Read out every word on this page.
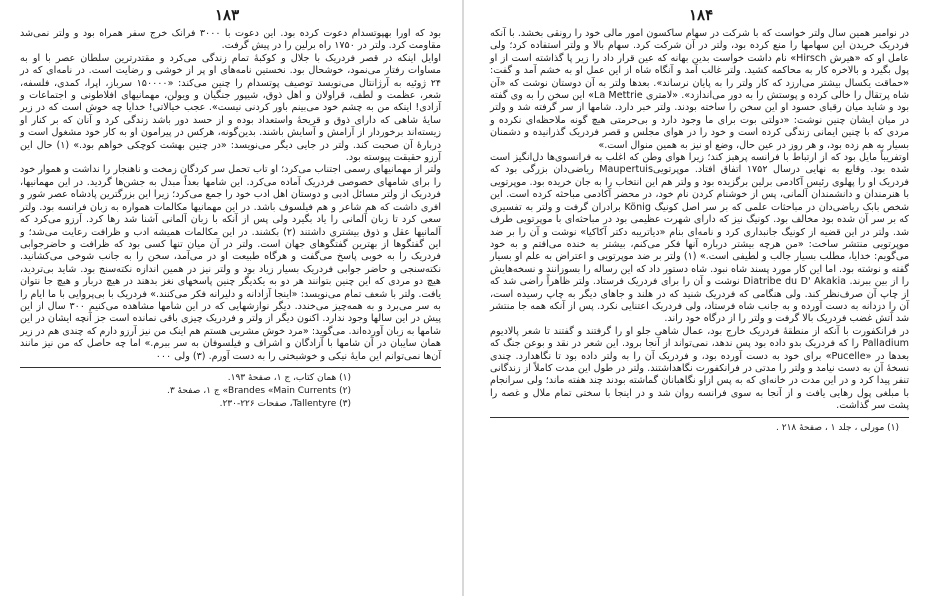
۱۸۳

بود که اورا بهپوتسدام دعوت کرده بود. این دعوت با ۳۰۰۰ فرانک خرج سفر همراه بود و ولتر نمی‌شد مقاومت کرد. ولتر در ۱۷۵۰ راه برلین را در پیش گرفت.

اوایل اینکه در قصر فردریک با جلال و کوکبهٔ تمام زندگی می‌کرد و مقتدرترین سلطان عصر با او به مساوات رفتار می‌نمود، خوشحال بود. نخستین نامه‌های او پر از خوشی و رضایت است. در نامه‌ای که در ۲۴ ژوئیه به آرژانتال می‌نویسد توصیف پوتسدام را چنین می‌کند: «۱۵۰۰۰۰ سرباز، اپرا، کمدی، فلسفه، شعر، عظمت و لطف، قراولان و اهل ذوق، شیپور جنگیان و ویولن، مهمانیهای افلاطونی و اجتماعات و آزادی! اینکه من به چشم خود می‌بینم باور کردنی نیست». عجب خیالاتی! خدایا چه خوش است که در زیر سایهٔ شاهی که دارای ذوق و قریحهٔ واستعداد بوده و از حسد دور باشد زندگی کرد و آنان که بر کنار او زیسته‌اند برخوردار از آرامش و آسایش باشند. بدین‌گونه، هرکس در پیرامون او به کار خود مشغول است و دربارهٔ آن صحبت کند. ولتر در جایی دیگر می‌نویسد: «در چنین بهشت کوچکی خواهم بود.» (۱) حال این آرزو حقیقت پیوسته بود.

ولتر از مهمانیهای رسمی اجتناب می‌کرد؛ او تاب تحمل سر کردگان زمخت و ناهنجار را نداشت و هموار خود را برای شامهای خصوصی فردریک آماده می‌کرد. این شامها بعداً مبدل به جشن‌ها گردید. در این مهمانیها، فردریک از ولتر مسائل ادبی و دوستان اهل ادب خود را جمع می‌کرد؛ زیرا این بزرگترین پادشاه عصر شور و افری داشت که هم شاعر و هم فیلسوف باشد. در این مهمانیها مکالمات همواره به زبان فرانسه بود. ولتر سعی کرد تا زبان آلمانی را یاد بگیرد ولی پس از آنکه با زبان آلمانی آشنا شد رها کرد. آرزو می‌کرد که آلمانیها عقل و ذوق بیشتری داشتند (۲) بکشند. در این مکالمات همیشه ادب و ظرافت رعایت می‌شد؛ و این گفتگوها از بهترین گفتگوهای جهان است. ولتر در آن میان تنها کسی بود که ظرافت و حاضرجوابی فردریک را به خوبی پاسخ می‌گفت و هرگاه طبیعت او در می‌آمد، سخن را به جانب شوخی می‌کشانید. نکته‌سنجی و حاضر جوابی فردریک بسیار زیاد بود و ولتر نیز در همین اندازه نکته‌سنج بود. شاید بی‌تردید، هیچ دو مردی که این چنین بتوانند هر دو به یکدیگر چنین پاسخهای نغز بدهند در هیچ دربار و هیچ جا نتوان یافت. ولتر با شعف تمام می‌نویسد: «اینجا آزادانه و دلیرانه فکر می‌کنند.» فردریک با بی‌پروایی با ما ایام را به سر می‌برد و به همه‌چیز می‌خندد. دیگر نوازشهایی که در این شامها مشاهده می‌کنیم ۳۰۰ سال از این پیش در این سالها وجود ندارد. اکنون دیگر از ولتر و فردریک چیزی باقی نمانده است جز آنچه ایشان در این شامها به زبان آورده‌اند. می‌گوید: «مرد خوش مشربی هستم هم اینک من نیز آرزو دارم که چندی هم در زیر همان سایبان در آن شامها با آزادگان و اشراف و فیلسوفان به سر ببرم.» اما چه حاصل که من نیز مانند آن‌ها نمی‌توانم این مایهٔ نیکی و خوشبختی را به دست آورم. (۳) ولی ۰۰۰

(۱) همان کتاب، ج ۱، صفحهٔ ۱۹۳.
(۲) Brandes «Main Currents» ج ۱، صفحهٔ ۳.
(۳) Tallentyre، صفحات ۲۲۶-۲۳۰.
۱۸۴

در نوامبر همین سال ولتر خواست که با شرکت در سهام ساکسون امور مالی خود را رونقی بخشد. با آنکه فردریک خریدن این سهامها را منع کرده بود، ولتر در آن شرکت کرد. سهام بالا و ولتر استفاده کرد؛ ولی عامل او که «هیرش Hirsch» نام داشت خواست بدین بهانه که عین قرار داد را زیر پا گذاشته است از او پول بگیرد و بالاخره کار به محاکمه کشید. ولتر غالب آمد و آنگاه شاه از این عمل او به خشم آمد و گفت: «حماقت یکسال بیشتر می‌ارزد که کار ولتر را به پایان نرساند». بعدها ولتر به آن دوستان نوشت که «آن شاه پرتقال را خالی کرده و پوستش را به دور می‌اندازد». «لامتری La Mettrie» این سخن را به وی گفته بود و شاید میان رقبای حسود او این سخن را ساخته بودند. ولتر خبر دارد. شامها از سر گرفته شد و ولتر در میان ایشان چنین نوشت: «دولتی بوت برای ما وجود دارد و بی‌حرمتی هیچ گونه ملاحظه‌ای نکرده و مردی که با چنین ایمانی زندگی کرده است و خود را در هوای مجلس و قصر فردریک گذرانیده و دشمنان بسیار به هم زده بود، و هر روز در عین حال، وضع او نیز به همین منوال است.»

اوتفریباً مایل بود که از ارتباط با فرانسه پرهیز کند؛ زیرا هوای وطن که اغلب به فرانسوی‌ها دل‌انگیز است شده بود. وقایع به نهایی درسال ۱۷۵۲ اتفاق افتاد. موپرتوییMaupertuis ریاضی‌دان بزرگی بود که فردریک او را پهلوی رئیس آکادمی برلین برگزیده بود و ولتر هم این انتخاب را به جان خریده بود. موپرتویی با هنرمندان و دانشمندان آلمانی، پس از خوشنام کردن نام خود، در محضر آکادمی مباحثه کرده است. این شخص بابک ریاضی‌دان در مباحثات علمی که بر سر اصل کونیگ König برادران گرفت و ولتر به تفسیری که بر سر آن شده بود مخالف بود. کونیگ نیز که دارای شهرت عظیمی بود در مباحثه‌ای با موپرتویی طرف شد. ولتر در این قضیه از کونیگ جانبداری کرد و نامه‌ای بنام «دیاتریبه دکتر آکاکیا» نوشت و آن را بر ضد موپرتویی منتشر ساخت: «من هرچه بیشتر درباره آنها فکر می‌کنم، بیشتر به خنده می‌افتم و به خود می‌گویم: خدایا، مطلب بسیار جالب و لطیفی است.» (۱) ولتر بر ضد موپرتویی و اعتراض به علم او بسیار گفته و نوشته بود. اما این کار مورد پسند شاه نبود. شاه دستور داد که این رساله را بسوزانند و نسخه‌هایش را از بین ببرند. Diatribe du D' Akakia نوشت و آن را برای فردریک فرستاد. ولتر ظاهراً راضی شد که از چاپ آن صرف‌نظر کند. ولی هنگامی که فردریک شنید که در هلند و جاهای دیگر به چاپ رسیده است، آن را دزدانه به دست آورده و به جانب شاه فرستاد، ولی فردریک اعتنایی نکرد. پس از آنکه همه جا منتشر شد آتش غضب فردریک بالا گرفت و ولتر را از درگاه خود راند.

در فرانکفورت با آنکه از منطقهٔ فردریک خارج بود، عمال شاهی جلو او را گرفتند و گفتند تا شعر پالادیوم Palladium را که فردریک بدو داده بود پس ندهد، نمی‌تواند از آنجا برود. این شعر در نقد و بوعن جنگ که بعدها در «Pucelle» برای خود به دست آورده بود، و فردریک آن را به ولتر داده بود تا نگاهدارد. چندی نسخهٔ آن به دست نیامد و ولتر را مدتی در فرانکفورت نگاهداشتند. ولتر در طول این مدت کاملاً از زندگانی تنفر پیدا کرد و در این مدت در خانه‌ای که به پس ازاو نگاهبانان گماشته بودند چند هفته ماند؛ ولی سرانجام با مبلغی پول رهایی یافت و از آنجا به سوی فرانسه روان شد و در اینجا با سختی تمام ملال و غصه را پشت سر گذاشت.

(۱) مورلی ، جلد ۱ ، صفحهٔ ۲۱۸ .
